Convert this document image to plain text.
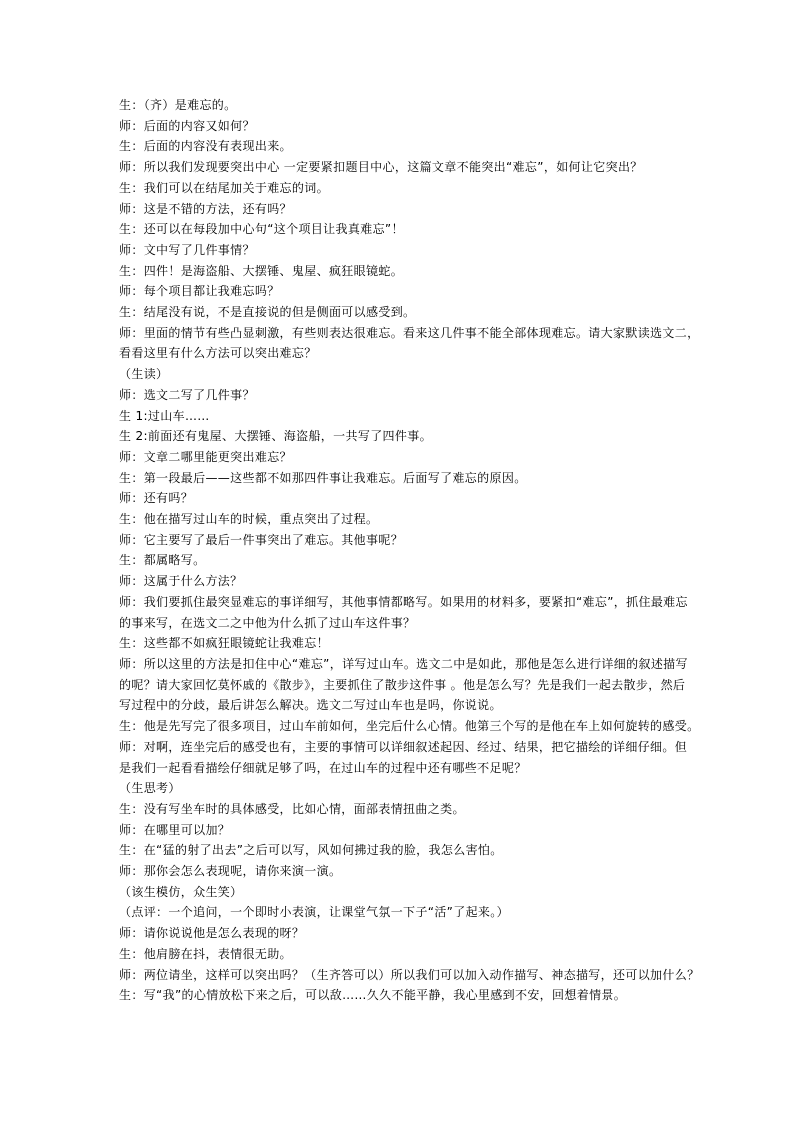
生：（齐）是难忘的。
师：后面的内容又如何？
生：后面的内容没有表现出来。
师：所以我们发现要突出中心 一定要紧扣题目中心，这篇文章不能突出“难忘”，如何让它突出？
生：我们可以在结尾加关于难忘的词。
师：这是不错的方法，还有吗？
生：还可以在每段加中心句“这个项目让我真难忘”！
师：文中写了几件事情？
生：四件！是海盗船、大摆锤、鬼屋、疯狂眼镜蛇。
师：每个项目都让我难忘吗？
生：结尾没有说，不是直接说的但是侧面可以感受到。
师：里面的情节有些凸显刺激，有些则表达很难忘。看来这几件事不能全部体现难忘。请大家默读选文二，
看看这里有什么方法可以突出难忘？
（生读）
师：选文二写了几件事？
生 1:过山车……
生 2:前面还有鬼屋、大摆锤、海盗船，一共写了四件事。
师：文章二哪里能更突出难忘？
生：第一段最后——这些都不如那四件事让我难忘。后面写了难忘的原因。
师：还有吗？
生：他在描写过山车的时候，重点突出了过程。
师：它主要写了最后一件事突出了难忘。其他事呢？
生：都属略写。
师：这属于什么方法？
师：我们要抓住最突显难忘的事详细写，其他事情都略写。如果用的材料多，要紧扣“难忘”，抓住最难忘
的事来写，在选文二之中他为什么抓了过山车这件事？
生：这些都不如疯狂眼镜蛇让我难忘！
师：所以这里的方法是扣住中心“难忘”，详写过山车。选文二中是如此，那他是怎么进行详细的叙述描写
的呢？请大家回忆莫怀戚的《散步》，主要抓住了散步这件事 。他是怎么写？先是我们一起去散步，然后
写过程中的分歧，最后讲怎么解决。选文二写过山车也是吗，你说说。
生：他是先写完了很多项目，过山车前如何，坐完后什么心情。他第三个写的是他在车上如何旋转的感受。
师：对啊，连坐完后的感受也有，主要的事情可以详细叙述起因、经过、结果，把它描绘的详细仔细。但
是我们一起看看描绘仔细就足够了吗，在过山车的过程中还有哪些不足呢？
（生思考）
生：没有写坐车时的具体感受，比如心情，面部表情扭曲之类。
师：在哪里可以加？
生：在“猛的射了出去”之后可以写，风如何拂过我的脸，我怎么害怕。
师：那你会怎么表现呢，请你来演一演。
（该生模仿，众生笑）
（点评：一个追问，一个即时小表演，让课堂气氛一下子“活”了起来。）
师：请你说说他是怎么表现的呀？
生：他肩膀在抖，表情很无助。
师：两位请坐，这样可以突出吗？（生齐答可以）所以我们可以加入动作描写、神态描写，还可以加什么？
生：写“我”的心情放松下来之后，可以敌……久久不能平静，我心里感到不安，回想着情景。
